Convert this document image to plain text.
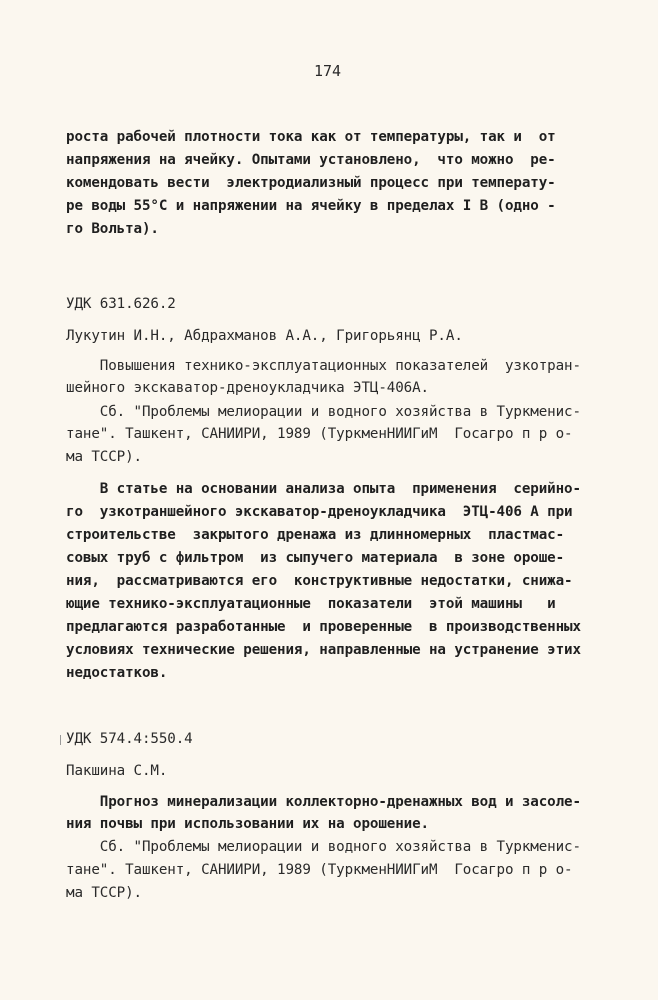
174
роста рабочей плотности тока как от температуры, так и  от
напряжения на ячейку. Опытами установлено,  что можно  ре-
комендовать вести  электродиализный процесс при температу-
ре воды 55°С и напряжении на ячейку в пределах I В (одно -
го Вольта).
УДК 631.626.2
Лукутин И.Н., Абдрахманов А.А., Григорьянц Р.А.
Повышения технико-эксплуатационных показателей  узкотран-
шейного экскаватор-дреноукладчика ЭТЦ-406А.
Сб. "Проблемы мелиорации и водного хозяйства в Туркменис-
тане". Ташкент, САНИИРИ, 1989 (ТуркменНИИГиМ  Госагро п р о-
ма ТССР).
В статье на основании анализа опыта  применения  серийно-
го  узкотраншейного экскаватор-дреноукладчика  ЭТЦ-406 А при
строительстве  закрытого дренажа из длинномерных  пластмас-
совых труб с фильтром  из сыпучего материала  в зоне ороше-
ния,  рассматриваются его  конструктивные недостатки, снижа-
ющие технико-эксплуатационные  показатели  этой машины   и
предлагаются разработанные  и проверенные  в производственных
условиях технические решения, направленные на устранение этих
недостатков.
УДК 574.4:550.4
Пакшина С.М.
Прогноз минерализации коллекторно-дренажных вод и засоле-
ния почвы при использовании их на орошение.
Сб. "Проблемы мелиорации и водного хозяйства в Туркменис-
тане". Ташкент, САНИИРИ, 1989 (ТуркменНИИГиМ  Госагро п р о-
ма ТССР).
